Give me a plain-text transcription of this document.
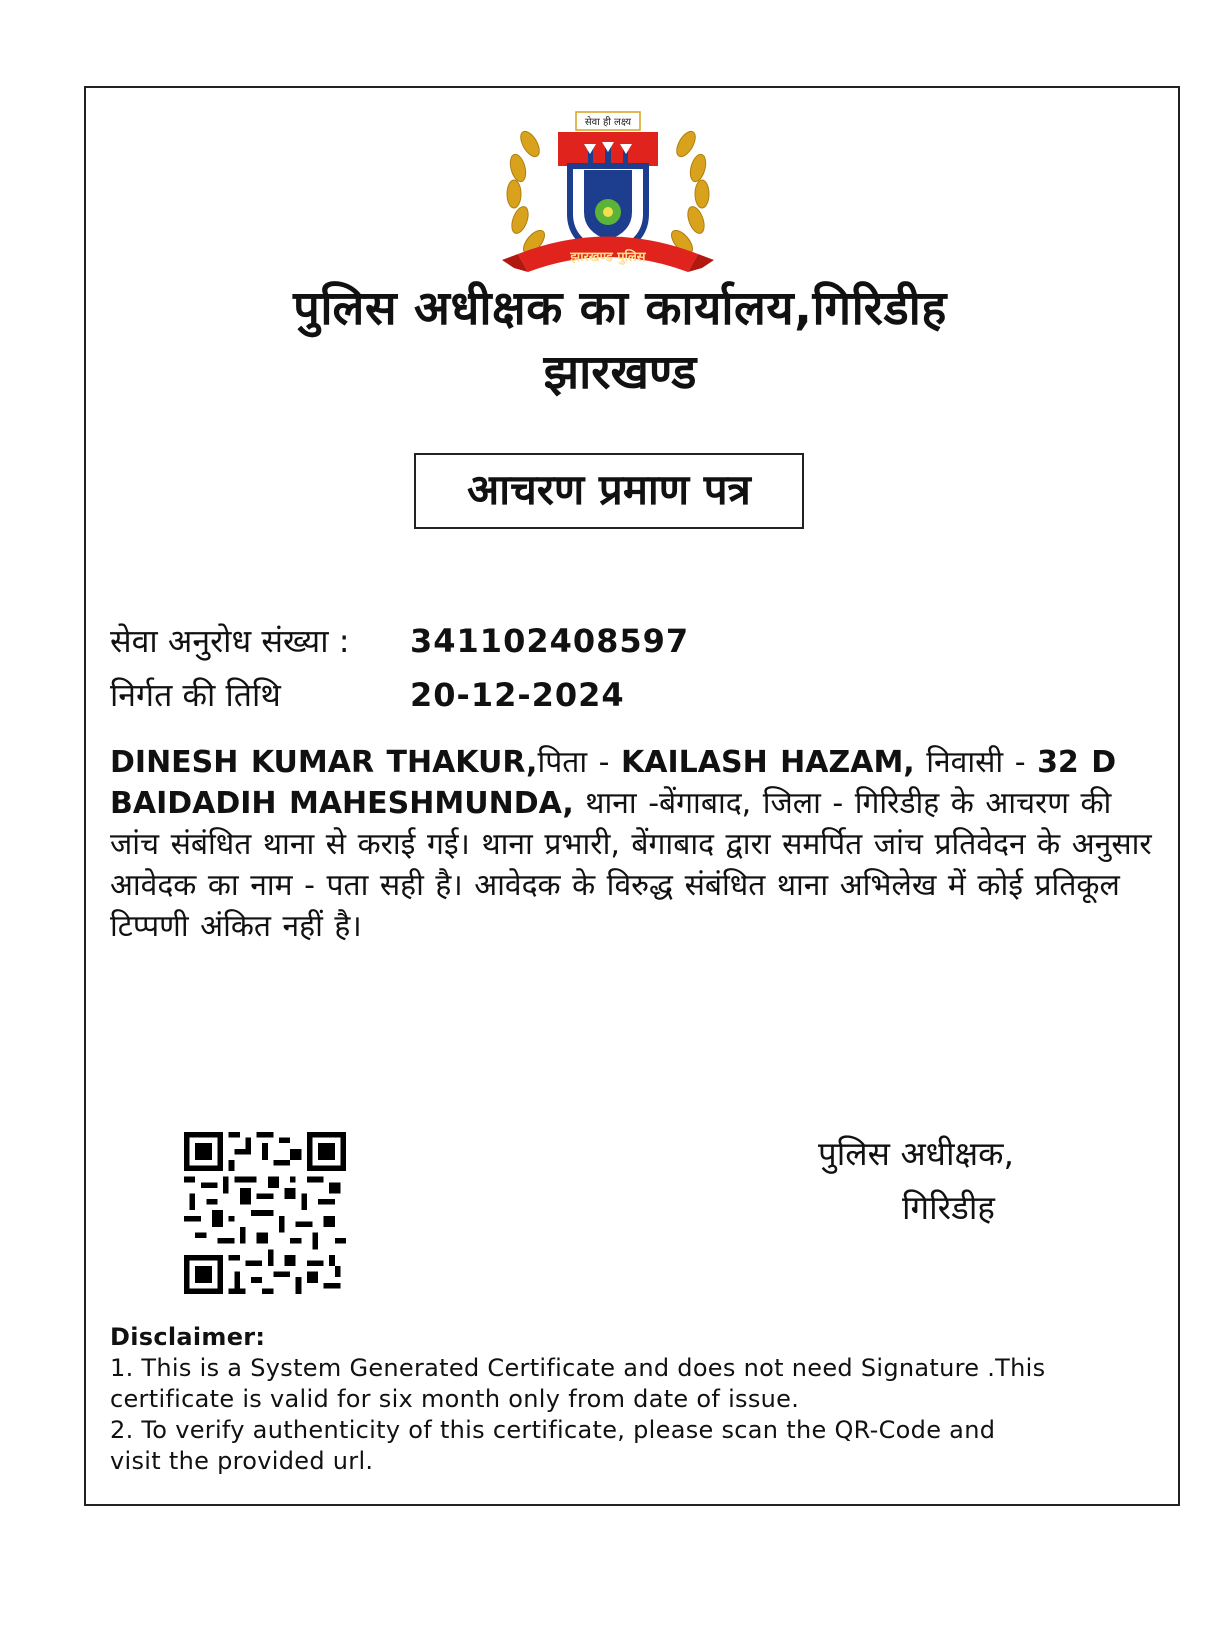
सेवा ही लक्ष्य
झारखण्ड पुलिस
पुलिस अधीक्षक का कार्यालय,गिरिडीह
झारखण्ड
आचरण प्रमाण पत्र
सेवा अनुरोध संख्या : 341102408597
निर्गत की तिथि	20-12-2024
DINESH KUMAR THAKUR,पिता - KAILASH HAZAM, निवासी - 32 D BAIDADIH MAHESHMUNDA, थाना -बेंगाबाद, जिला - गिरिडीह के आचरण की जांच संबंधित थाना से कराई गई। थाना प्रभारी, बेंगाबाद द्वारा समर्पित जांच प्रतिवेदन के अनुसार आवेदक का नाम - पता सही है। आवेदक के विरुद्ध संबंधित थाना अभिलेख में कोई प्रतिकूल टिप्पणी अंकित नहीं है।
पुलिस अधीक्षक,
गिरिडीह
Disclaimer:
1. This is a System Generated Certificate and does not need Signature .This
certificate is valid for six month only from date of issue.
2. To verify authenticity of this certificate, please scan the QR-Code and
visit the provided url.
